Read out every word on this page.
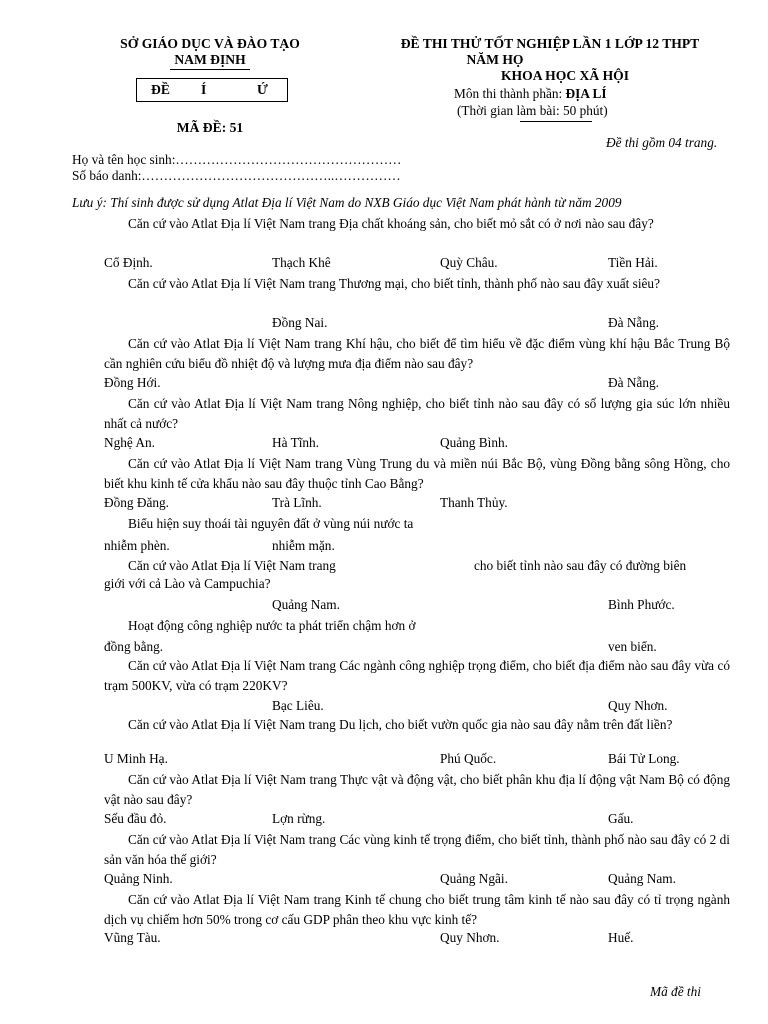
SỞ GIÁO DỤC VÀ ĐÀO TẠO
NAM ĐỊNH
ĐỀ Í	Ứ
MÃ ĐỀ: 51
ĐỀ THI THỬ TỐT NGHIỆP LẦN 1 LỚP 12 THPT
NĂM HỌ
KHOA HỌC XÃ HỘI
Môn thi thành phần: ĐỊA LÍ
(Thời gian làm bài: 50 phút)
Đề thi gồm 04 trang.
Họ và tên học sinh:……………………………………………
Số báo danh:……………………………………..……………
Lưu ý: Thí sinh được sử dụng Atlat Địa lí Việt Nam do NXB Giáo dục Việt Nam phát hành từ năm 2009
Căn cứ vào Atlat Địa lí Việt Nam trang Địa chất khoáng sản, cho biết mỏ sắt có ở nơi nào sau đây?
Cổ Định.	Thạch Khê	Quỳ Châu.	Tiền Hải.
Căn cứ vào Atlat Địa lí Việt Nam trang Thương mại, cho biết tỉnh, thành phố nào sau đây xuất siêu?
Đồng Nai.	Đà Nẵng.
Căn cứ vào Atlat Địa lí Việt Nam trang Khí hậu, cho biết để tìm hiểu về đặc điểm vùng khí hậu Bắc Trung Bộ cần nghiên cứu biểu đồ nhiệt độ và lượng mưa địa điểm nào sau đây?
Đồng Hới.	Đà Nẵng.
Căn cứ vào Atlat Địa lí Việt Nam trang Nông nghiệp, cho biết tỉnh nào sau đây có số lượng gia súc lớn nhiều nhất cả nước?
Nghệ An.	Hà Tĩnh.	Quảng Bình.
Căn cứ vào Atlat Địa lí Việt Nam trang Vùng Trung du và miền núi Bắc Bộ, vùng Đồng bằng sông Hồng, cho biết khu kinh tế cửa khẩu nào sau đây thuộc tỉnh Cao Bằng?
Đồng Đăng.	Trà Lĩnh.	Thanh Thủy.
Biểu hiện suy thoái tài nguyên đất ở vùng núi nước ta
nhiễm phèn.	nhiễm mặn.
Căn cứ vào Atlat Địa lí Việt Nam trang	cho biết tỉnh nào sau đây có đường biên
giới với cả Lào và Campuchia?
Quảng Nam.	Bình Phước.
Hoạt động công nghiệp nước ta phát triển chậm hơn ở
đồng bằng.	ven biển.
Căn cứ vào Atlat Địa lí Việt Nam trang Các ngành công nghiệp trọng điểm, cho biết địa điểm nào sau đây vừa có trạm 500KV, vừa có trạm 220KV?
Bạc Liêu.	Quy Nhơn.
Căn cứ vào Atlat Địa lí Việt Nam trang Du lịch, cho biết vườn quốc gia nào sau đây nằm trên đất liền?
U Minh Hạ.	Phú Quốc.	Bái Tử Long.
Căn cứ vào Atlat Địa lí Việt Nam trang Thực vật và động vật, cho biết phân khu địa lí động vật Nam Bộ có động vật nào sau đây?
Sếu đầu đỏ.	Lợn rừng.	Gấu.
Căn cứ vào Atlat Địa lí Việt Nam trang Các vùng kinh tế trọng điểm, cho biết tỉnh, thành phố nào sau đây có 2 di sản văn hóa thế giới?
Quảng Ninh.	Quảng Ngãi.	Quảng Nam.
Căn cứ vào Atlat Địa lí Việt Nam trang Kinh tế chung cho biết trung tâm kinh tế nào sau đây có tỉ trọng ngành dịch vụ chiếm hơn 50% trong cơ cấu GDP phân theo khu vực kinh tế?
Vũng Tàu.	Quy Nhơn.	Huế.
Mã đề thi
